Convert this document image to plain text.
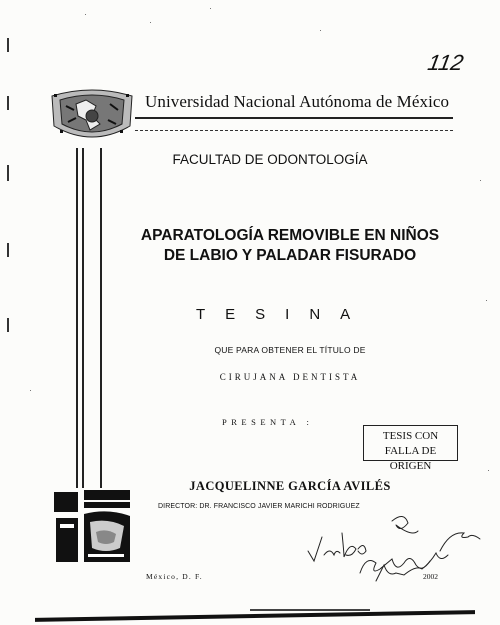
112
Universidad Nacional Autónoma de México
FACULTAD DE ODONTOLOGÍA
APARATOLOGÍA REMOVIBLE EN NIÑOS
DE LABIO Y PALADAR FISURADO
TESINA
QUE PARA OBTENER EL TÍTULO DE
CIRUJANA DENTISTA
PRESENTA :
TESIS CON
FALLA DE ORIGEN
JACQUELINNE GARCÍA AVILÉS
DIRECTOR: DR. FRANCISCO JAVIER MARICHI RODRIGUEZ
México, D. F.	2002
